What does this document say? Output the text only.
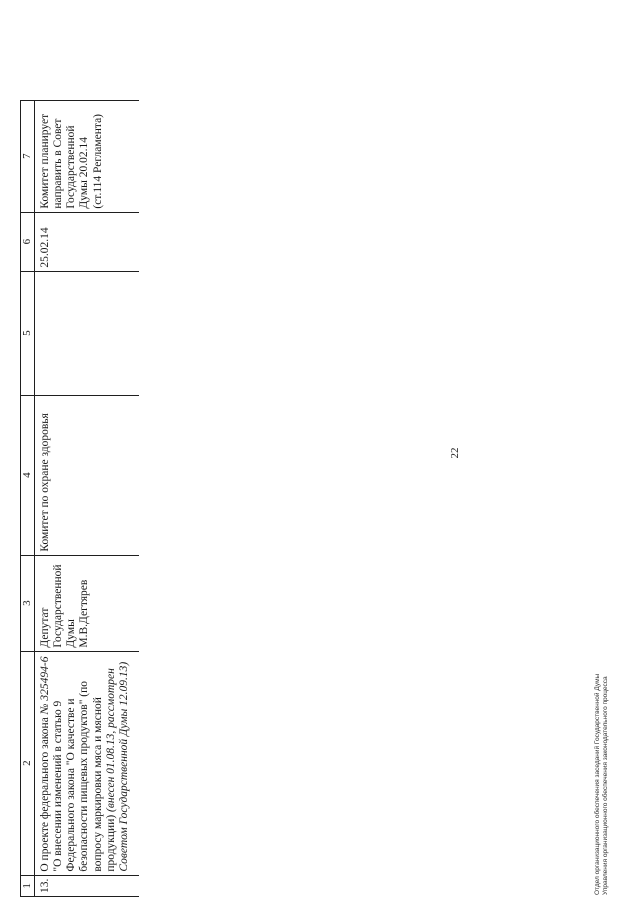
22
1	2	3	4	5	6	7
13.	О проекте федерального закона № 325494-6 "О внесении изменений в статью 9 Федерального закона "О качестве и безопасности пищевых продуктов" (по вопросу маркировки мяса и мясной продукции) (внесен 01.08.13, рассмотрен Советом Государственной Думы 12.09.13)	Депутат Государственной Думы М.В.Дегтярев	Комитет по охране здоровья		25.02.14	Комитет планирует направить в Совет Государственной Думы 20.02.14 (ст.114 Регламента)
Отдел организационного обеспечения заседаний Государственной Думы Управления организационного обеспечения законодательного процесса
